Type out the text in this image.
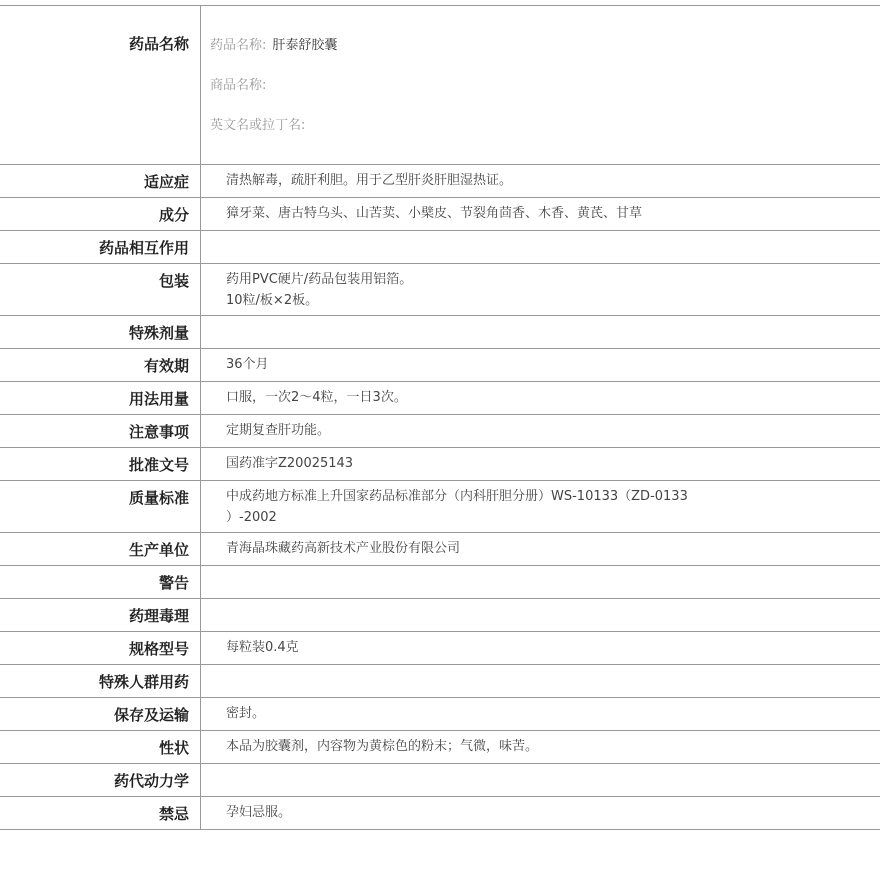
药品名称	药品名称: 肝泰舒胶囊

商品名称:

英文名或拉丁名:

适应症	清热解毒，疏肝利胆。用于乙型肝炎肝胆湿热证。

成分	獐牙菜、唐古特乌头、山苦荬、小檗皮、节裂角茴香、木香、黄芪、甘草

药品相互作用	

包装	药用PVC硬片/药品包装用铝箔。
10粒/板×2板。

特殊剂量	

有效期	36个月

用法用量	口服，一次2～4粒，一日3次。

注意事项	定期复查肝功能。

批准文号	国药准字Z20025143

质量标准	中成药地方标准上升国家药品标准部分（内科肝胆分册）WS-10133（ZD-0133
）-2002

生产单位	青海晶珠藏药高新技术产业股份有限公司

警告	

药理毒理	

规格型号	每粒装0.4克

特殊人群用药	

保存及运输	密封。

性状	本品为胶囊剂，内容物为黄棕色的粉末；气微，味苦。

药代动力学	

禁忌	孕妇忌服。
